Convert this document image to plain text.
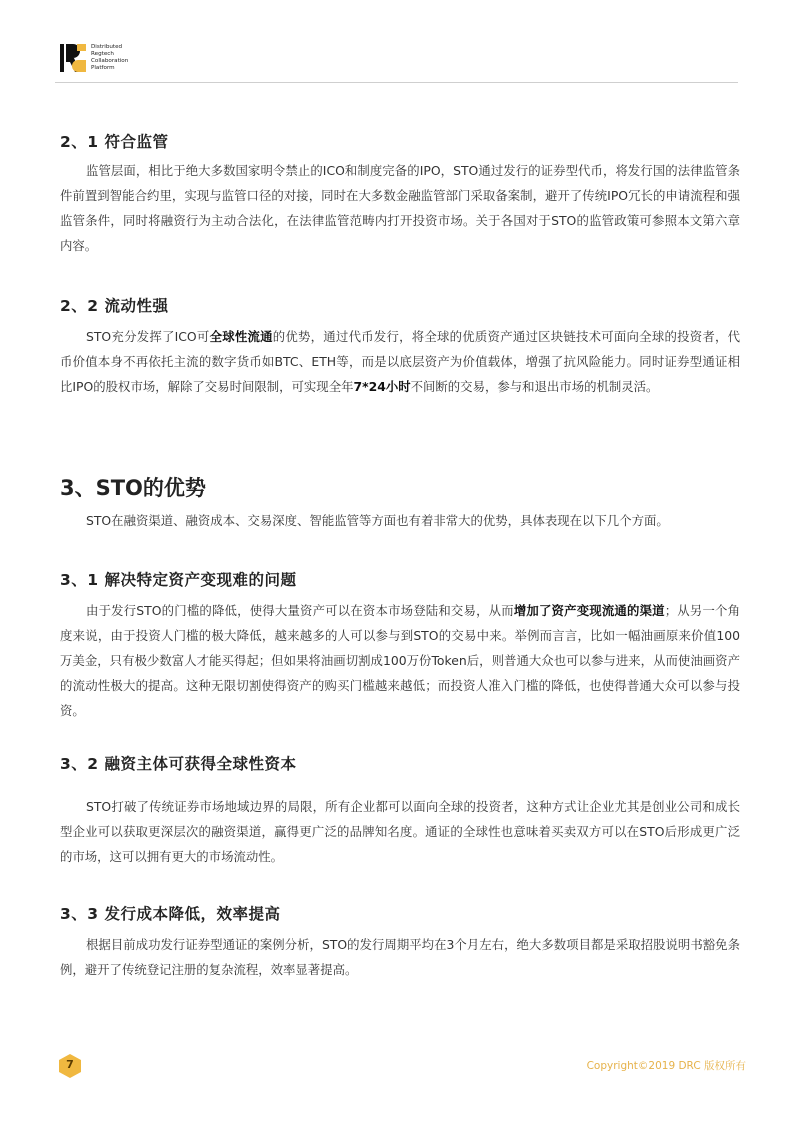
Distributed
Regtech
Collaboration
Platform
2、1 符合监管

监管层面，相比于绝大多数国家明令禁止的ICO和制度完备的IPO，STO通过发行的证券型代币，将发行国的法律监管条件前置到智能合约里，实现与监管口径的对接，同时在大多数金融监管部门采取备案制，避开了传统IPO冗长的申请流程和强监管条件，同时将融资行为主动合法化，在法律监管范畴内打开投资市场。关于各国对于STO的监管政策可参照本文第六章内容。

2、2 流动性强

STO充分发挥了ICO可全球性流通的优势，通过代币发行，将全球的优质资产通过区块链技术可面向全球的投资者，代币价值本身不再依托主流的数字货币如BTC、ETH等，而是以底层资产为价值载体，增强了抗风险能力。同时证券型通证相比IPO的股权市场，解除了交易时间限制，可实现全年7*24小时不间断的交易，参与和退出市场的机制灵活。

3、STO的优势

STO在融资渠道、融资成本、交易深度、智能监管等方面也有着非常大的优势，具体表现在以下几个方面。

3、1 解决特定资产变现难的问题

由于发行STO的门槛的降低，使得大量资产可以在资本市场登陆和交易，从而增加了资产变现流通的渠道；从另一个角度来说，由于投资人门槛的极大降低，越来越多的人可以参与到STO的交易中来。举例而言言，比如一幅油画原来价值100万美金，只有极少数富人才能买得起；但如果将油画切割成100万份Token后，则普通大众也可以参与进来，从而使油画资产的流动性极大的提高。这种无限切割使得资产的购买门槛越来越低；而投资人准入门槛的降低，也使得普通大众可以参与投资。

3、2 融资主体可获得全球性资本

STO打破了传统证券市场地域边界的局限，所有企业都可以面向全球的投资者，这种方式让企业尤其是创业公司和成长型企业可以获取更深层次的融资渠道，赢得更广泛的品牌知名度。通证的全球性也意味着买卖双方可以在STO后形成更广泛的市场，这可以拥有更大的市场流动性。

3、3 发行成本降低，效率提高

根据目前成功发行证券型通证的案例分析，STO的发行周期平均在3个月左右，绝大多数项目都是采取招股说明书豁免条例，避开了传统登记注册的复杂流程，效率显著提高。

7	Copyright©2019 DRC 版权所有
